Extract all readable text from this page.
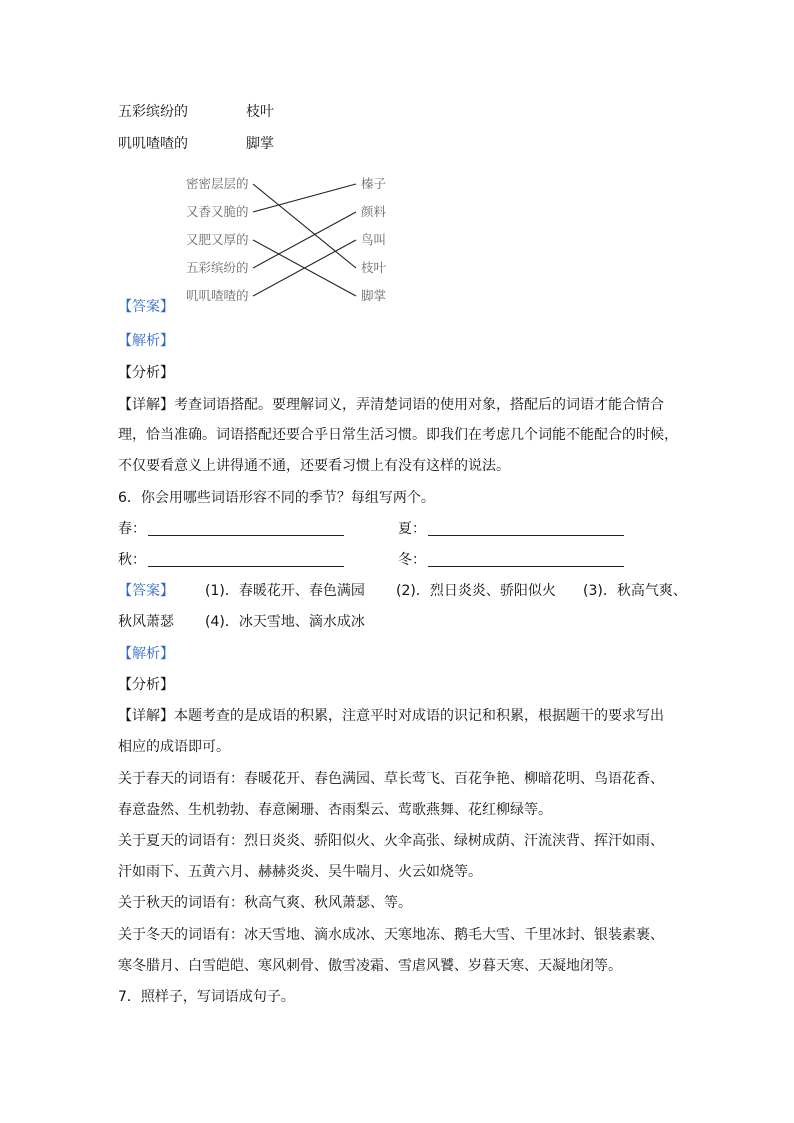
五彩缤纷的	枝叶
叽叽喳喳的	脚掌
密密层层的
又香又脆的
又肥又厚的
五彩缤纷的
叽叽喳喳的
榛子
颜料
鸟叫
枝叶
脚掌
【答案】
【解析】
【分析】
【详解】考查词语搭配。要理解词义，弄清楚词语的使用对象，搭配后的词语才能合情合
理，恰当准确。词语搭配还要合乎日常生活习惯。即我们在考虑几个词能不能配合的时候，
不仅要看意义上讲得通不通，还要看习惯上有没有这样的说法。
6．你会用哪些词语形容不同的季节？每组写两个。
春：	夏：
秋：	冬：
【答案】 (1)．春暖花开、春色满园 (2)．烈日炎炎、骄阳似火 (3)．秋高气爽、
秋风萧瑟 (4)．冰天雪地、滴水成冰
【解析】
【分析】
【详解】本题考查的是成语的积累，注意平时对成语的识记和积累，根据题干的要求写出
相应的成语即可。
关于春天的词语有：春暖花开、春色满园、草长莺飞、百花争艳、柳暗花明、鸟语花香、
春意盎然、生机勃勃、春意阑珊、杏雨梨云、莺歌燕舞、花红柳绿等。
关于夏天的词语有：烈日炎炎、骄阳似火、火伞高张、绿树成荫、汗流浃背、挥汗如雨、
汗如雨下、五黄六月、赫赫炎炎、吴牛喘月、火云如烧等。
关于秋天的词语有：秋高气爽、秋风萧瑟、等。
关于冬天的词语有：冰天雪地、滴水成冰、天寒地冻、鹅毛大雪、千里冰封、银装素裹、
寒冬腊月、白雪皑皑、寒风刺骨、傲雪凌霜、雪虐风饕、岁暮天寒、天凝地闭等。
7．照样子，写词语成句子。
